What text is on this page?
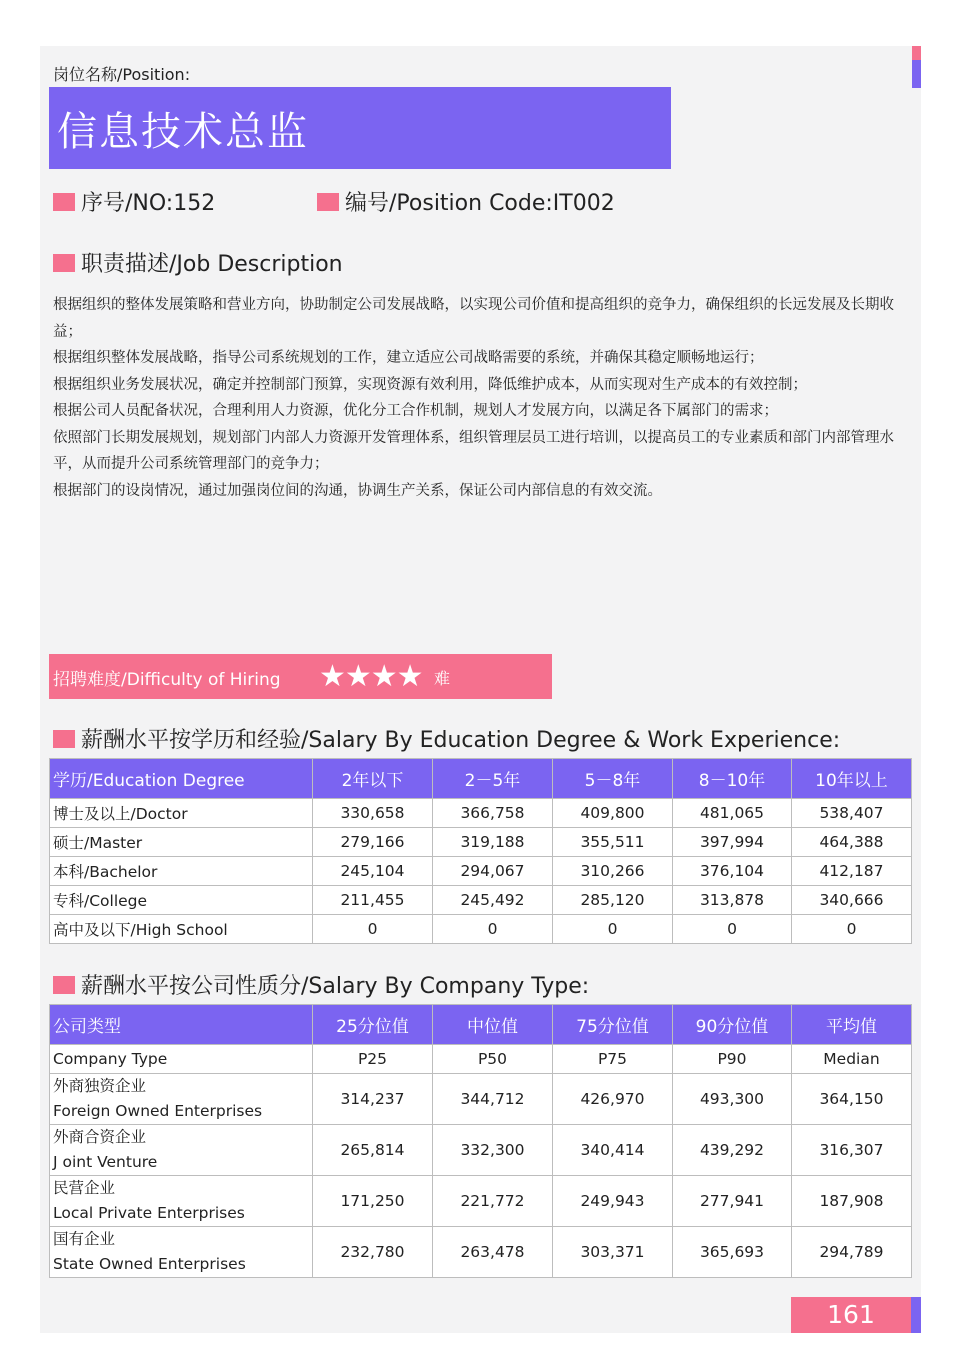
岗位名称/Position:
信息技术总监
序号/NO:152	编号/Position Code:IT002
职责描述/Job Description

根据组织的整体发展策略和营业方向，协助制定公司发展战略，以实现公司价值和提高组织的竞争力，确保组织的长远发展及长期收益；

根据组织整体发展战略，指导公司系统规划的工作，建立适应公司战略需要的系统，并确保其稳定顺畅地运行；

根据组织业务发展状况，确定并控制部门预算，实现资源有效利用，降低维护成本，从而实现对生产成本的有效控制；

根据公司人员配备状况，合理利用人力资源，优化分工合作机制，规划人才发展方向，以满足各下属部门的需求；

依照部门长期发展规划，规划部门内部人力资源开发管理体系，组织管理层员工进行培训，以提高员工的专业素质和部门内部管理水平，从而提升公司系统管理部门的竞争力；

根据部门的设岗情况，通过加强岗位间的沟通，协调生产关系，保证公司内部信息的有效交流。

招聘难度/Difficulty of Hiring ★★★★ 难
薪酬水平按学历和经验/Salary By Education Degree & Work Experience:
学历/Education Degree	2年以下	2－5年	5－8年	8－10年	10年以上
博士及以上/Doctor	330,658	366,758	409,800	481,065	538,407
硕士/Master	279,166	319,188	355,511	397,994	464,388
本科/Bachelor	245,104	294,067	310,266	376,104	412,187
专科/College	211,455	245,492	285,120	313,878	340,666
高中及以下/High School	0	0	0	0	0
薪酬水平按公司性质分/Salary By Company Type:
公司类型	25分位值	中位值	75分位值	90分位值	平均值
Company Type	P25	P50	P75	P90	Median

外商独资企业
Foreign Owned Enterprises	314,237	344,712	426,970	493,300	364,150

外商合资企业
J oint Venture	265,814	332,300	340,414	439,292	316,307

民营企业
Local Private Enterprises	171,250	221,772	249,943	277,941	187,908

国有企业
State Owned Enterprises	232,780	263,478	303,371	365,693	294,789
161
